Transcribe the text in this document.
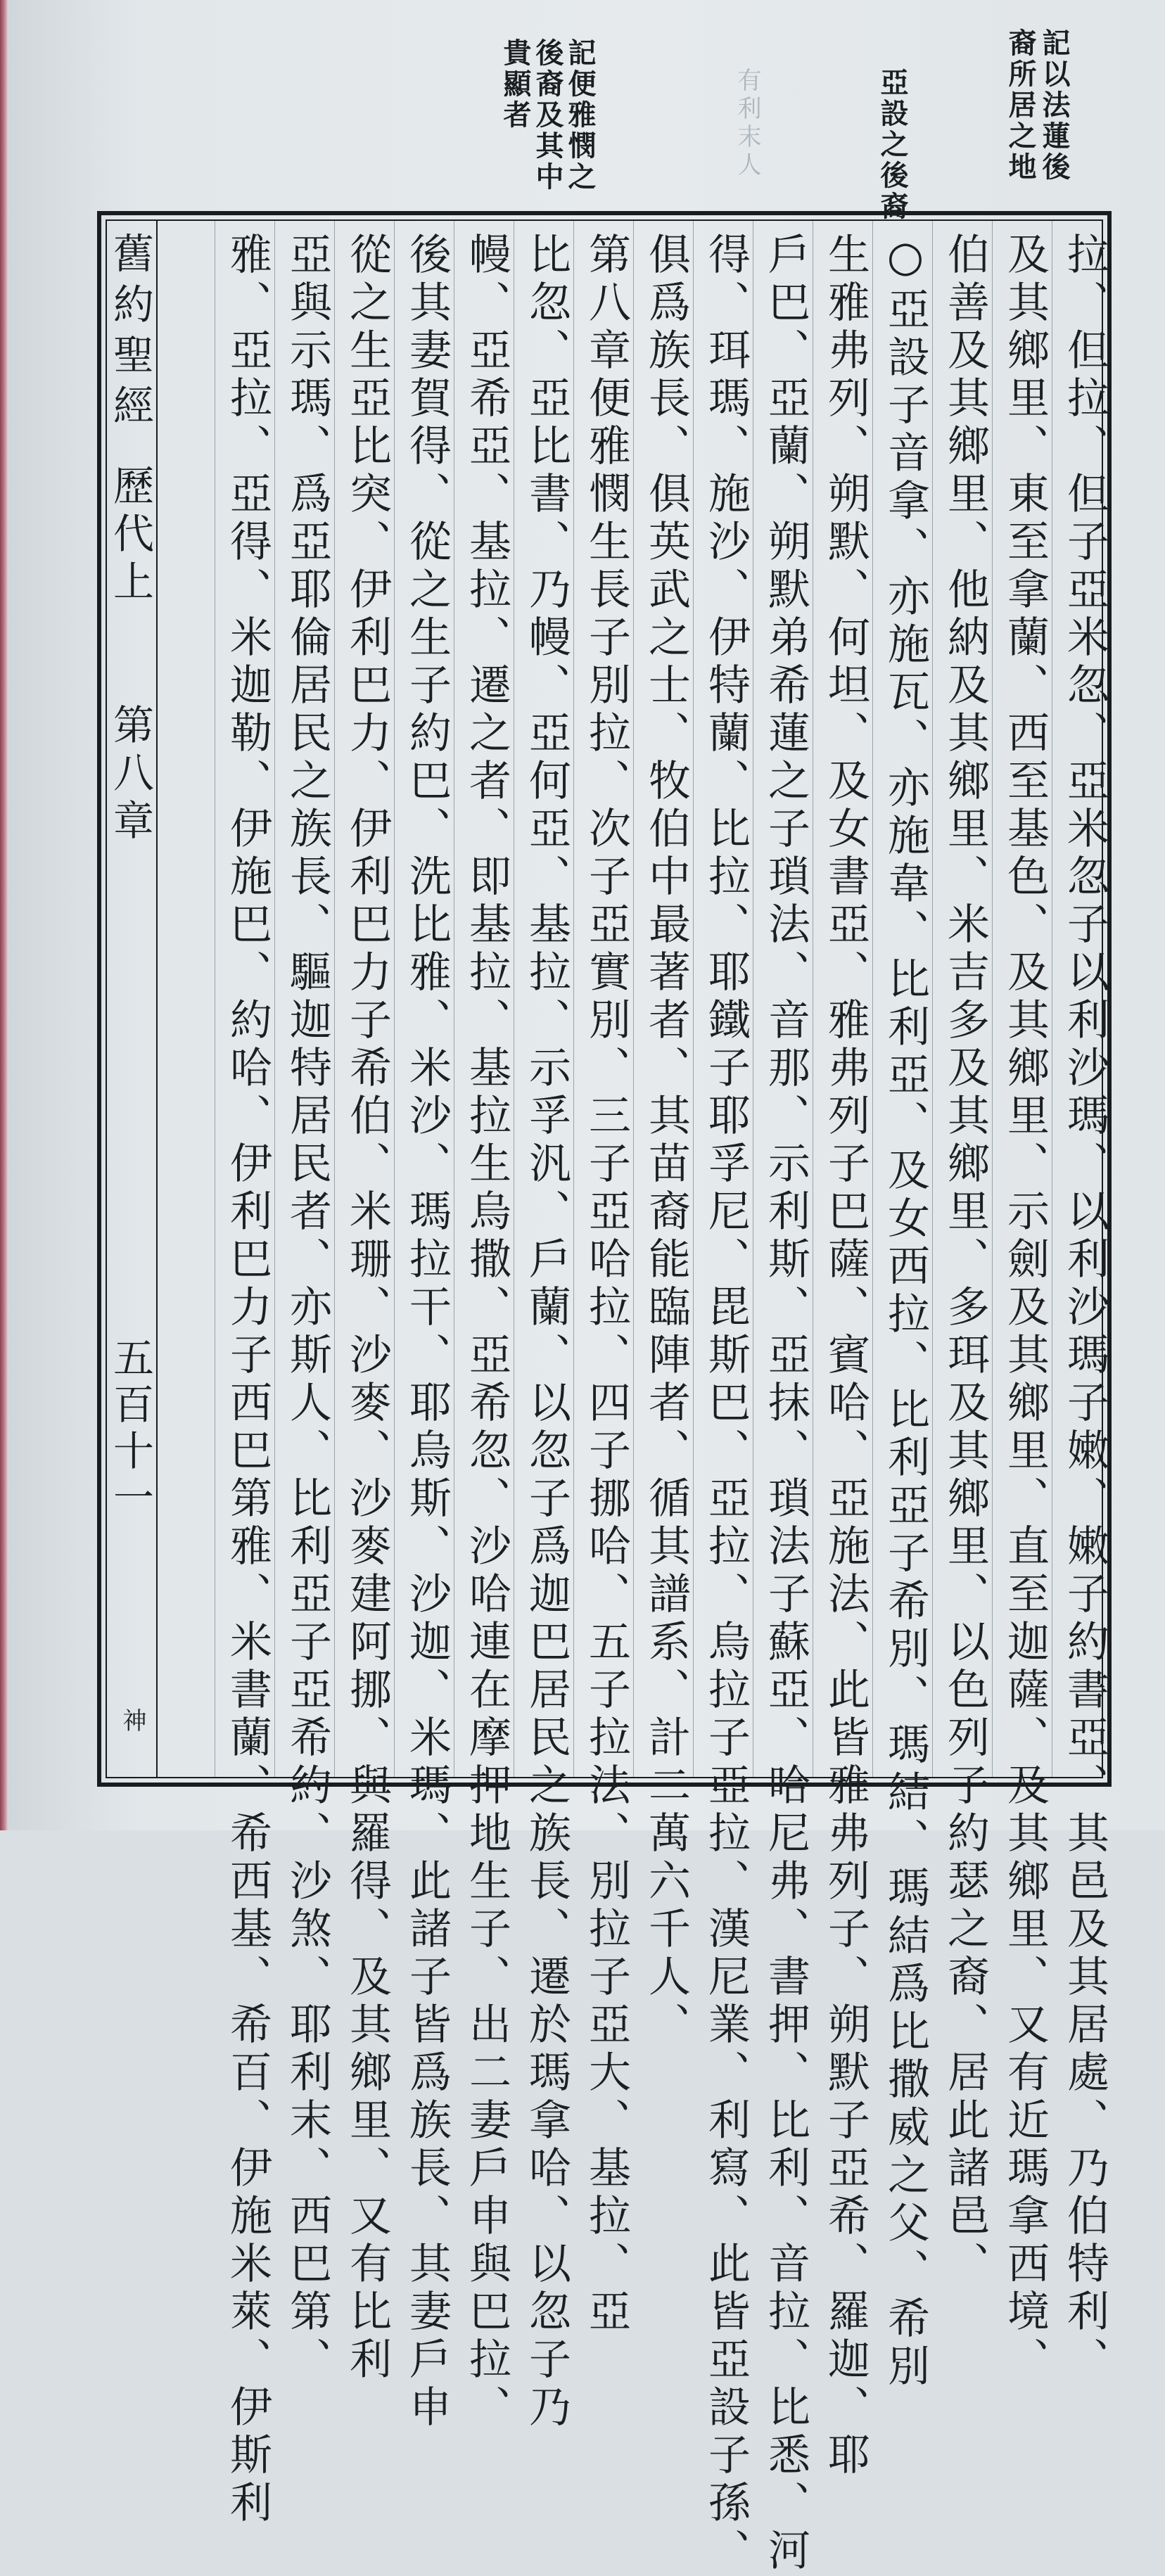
有利末人	記以法蓮後
裔所居之地
亞設之後裔
記便雅憫之
後裔及其中
貴顯者
拉、但拉、但子亞米忽、亞米忽子以利沙瑪、以利沙瑪子嫩、嫩子約書亞、其邑及其居處、乃伯特利、
及其鄉里、東至拿蘭、西至基色、及其鄉里、示劍及其鄉里、直至迦薩、及其鄉里、又有近瑪拿西境、
伯善及其鄉里、他納及其鄉里、米吉多及其鄉里、多珥及其鄉里、以色列子約瑟之裔、居此諸邑、
○亞設子音拿、亦施瓦、亦施韋、比利亞、及女西拉、比利亞子希別、瑪結、瑪結爲比撒威之父、希別
生雅弗列、朔默、何坦、及女書亞、雅弗列子巴薩、賓哈、亞施法、此皆雅弗列子、朔默子亞希、羅迦、耶
戶巴、亞蘭、朔默弟希蓮之子瑣法、音那、示利斯、亞抹、瑣法子蘇亞、哈尼弗、書押、比利、音拉、比悉、河
得、珥瑪、施沙、伊特蘭、比拉、耶鐵子耶孚尼、毘斯巴、亞拉、烏拉子亞拉、漢尼業、利寫、此皆亞設子孫、
俱爲族長、俱英武之士、牧伯中最著者、其苗裔能臨陣者、循其譜系、計二萬六千人、
第八章便雅憫生長子別拉、次子亞實別、三子亞哈拉、四子挪哈、五子拉法、別拉子亞大、基拉、亞
比忽、亞比書、乃幔、亞何亞、基拉、示孚汎、戶蘭、以忽子爲迦巴居民之族長、遷於瑪拿哈、以忽子乃
幔、亞希亞、基拉、遷之者、即基拉、基拉生烏撒、亞希忽、沙哈連在摩押地生子、出二妻戶申與巴拉、
後其妻賀得、從之生子約巴、洗比雅、米沙、瑪拉干、耶烏斯、沙迦、米瑪、此諸子皆爲族長、其妻戶申
從之生亞比突、伊利巴力、伊利巴力子希伯、米珊、沙麥、沙麥建阿挪、與羅得、及其鄉里、又有比利
亞與示瑪、爲亞耶倫居民之族長、驅迦特居民者、亦斯人、比利亞子亞希約、沙煞、耶利末、西巴第、
雅、亞拉、亞得、米迦勒、伊施巴、約哈、伊利巴力子西巴第雅、米書蘭、希西基、希百、伊施米萊、伊斯利
舊約聖經
歷代上
第八章
五百十一
神
